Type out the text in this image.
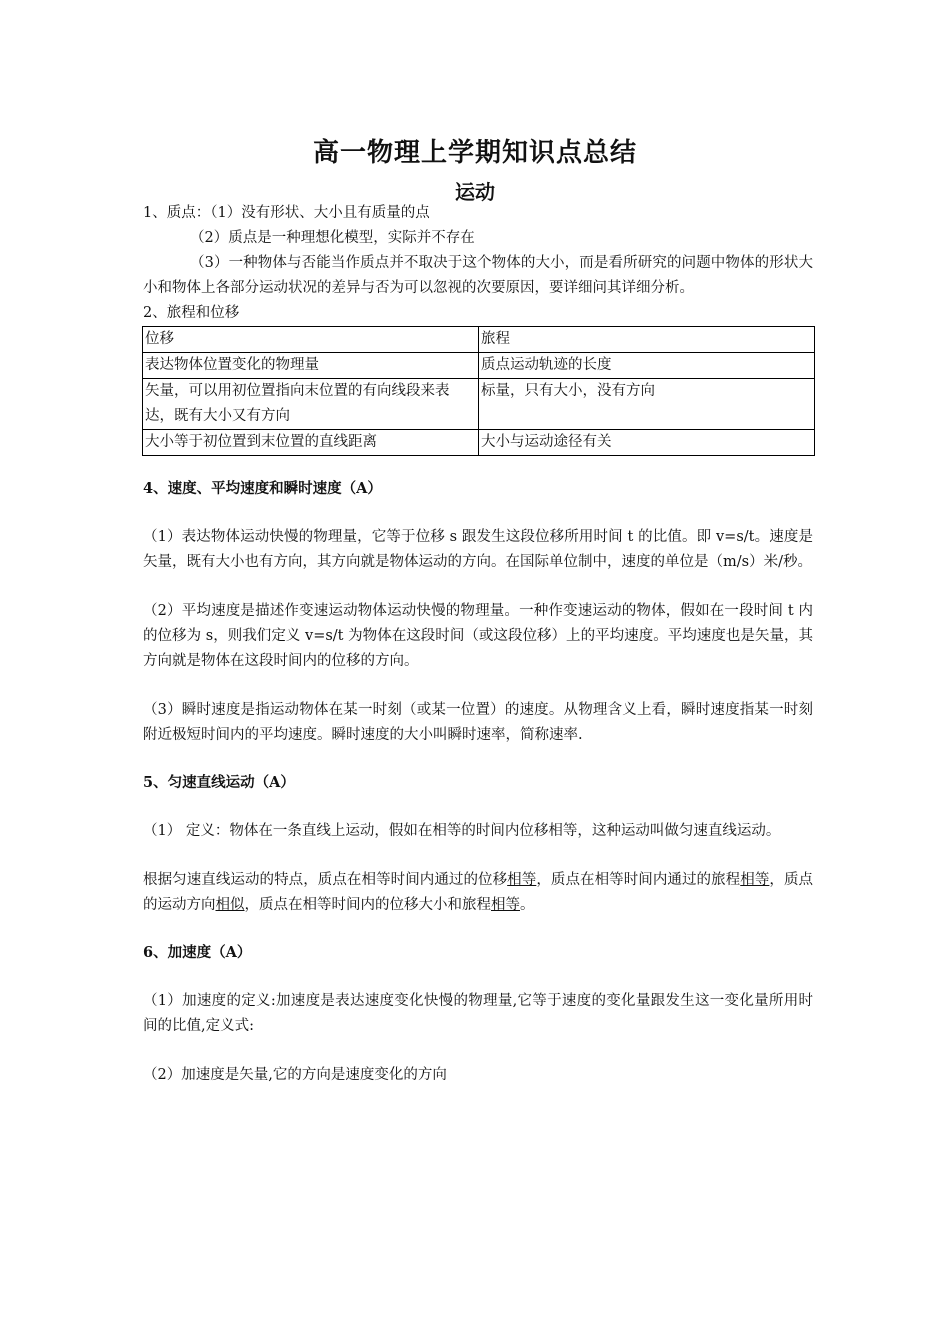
高一物理上学期知识点总结
运动
1、质点：（1）没有形状、大小且有质量的点
（2）质点是一种理想化模型，实际并不存在
（3）一种物体与否能当作质点并不取决于这个物体的大小，而是看所研究的问题中物体的形状大小和物体上各部分运动状况的差异与否为可以忽视的次要原因，要详细问其详细分析。
2、旅程和位移
位移	旅程
表达物体位置变化的物理量	质点运动轨迹的长度
矢量，可以用初位置指向末位置的有向线段来表达，既有大小又有方向	标量，只有大小，没有方向
大小等于初位置到末位置的直线距离	大小与运动途径有关
4、速度、平均速度和瞬时速度（A）
（1）表达物体运动快慢的物理量，它等于位移 s 跟发生这段位移所用时间 t 的比值。即 v=s/t。速度是矢量，既有大小也有方向，其方向就是物体运动的方向。在国际单位制中，速度的单位是（m/s）米/秒。
（2）平均速度是描述作变速运动物体运动快慢的物理量。一种作变速运动的物体，假如在一段时间 t 内的位移为 s，则我们定义 v=s/t 为物体在这段时间（或这段位移）上的平均速度。平均速度也是矢量，其方向就是物体在这段时间内的位移的方向。
（3）瞬时速度是指运动物体在某一时刻（或某一位置）的速度。从物理含义上看，瞬时速度指某一时刻附近极短时间内的平均速度。瞬时速度的大小叫瞬时速率，简称速率.
5、匀速直线运动（A）
（1） 定义：物体在一条直线上运动，假如在相等的时间内位移相等，这种运动叫做匀速直线运动。
根据匀速直线运动的特点，质点在相等时间内通过的位移相等，质点在相等时间内通过的旅程相等，质点的运动方向相似，质点在相等时间内的位移大小和旅程相等。
6、加速度（A）
（1）加速度的定义:加速度是表达速度变化快慢的物理量,它等于速度的变化量跟发生这一变化量所用时间的比值,定义式:
（2）加速度是矢量,它的方向是速度变化的方向
